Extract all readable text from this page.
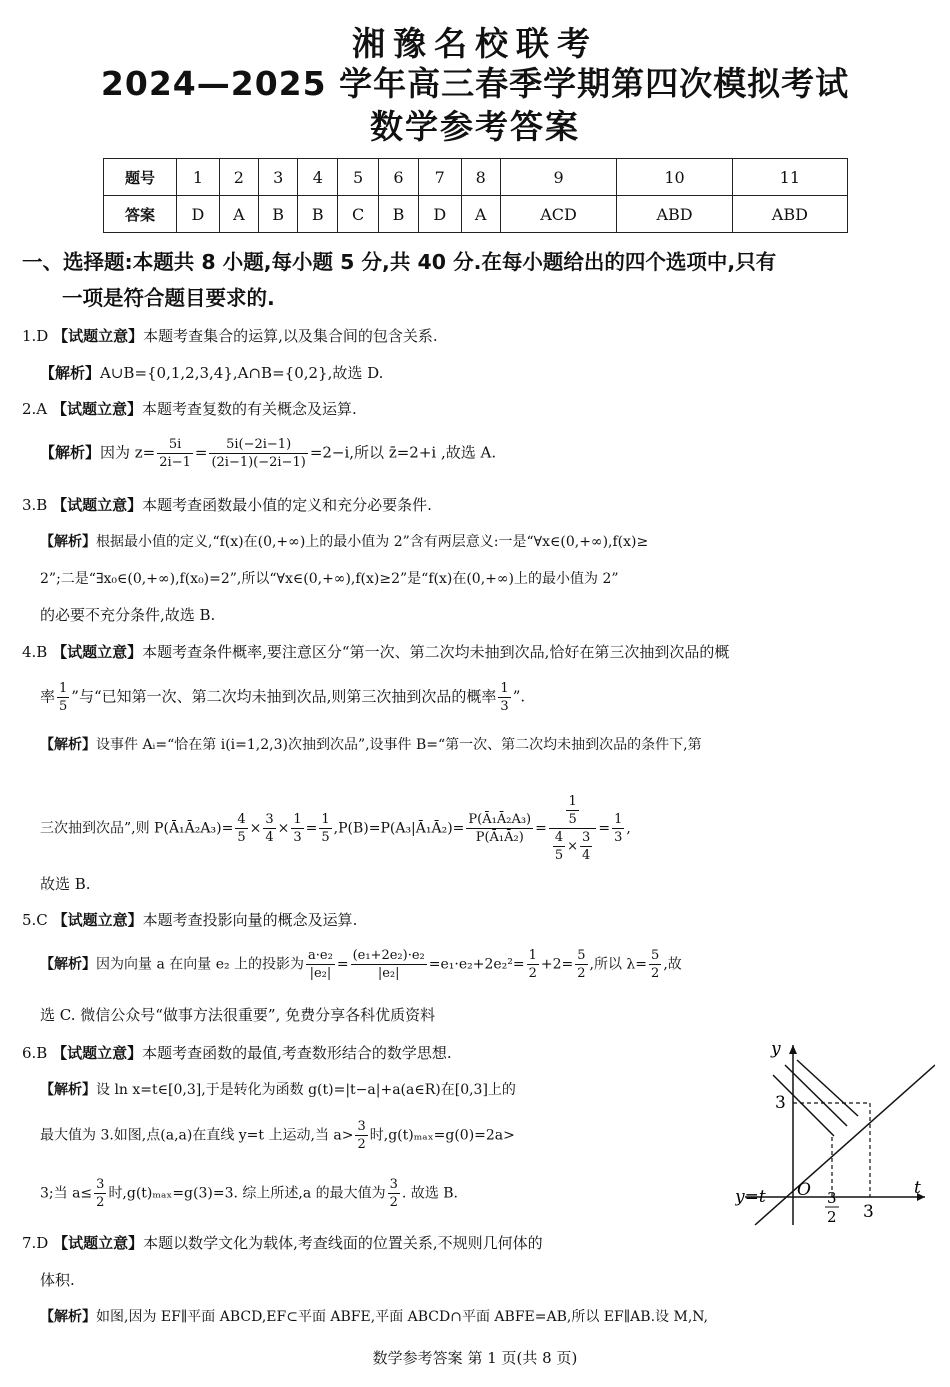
湘豫名校联考
2024—2025 学年高三春季学期第四次模拟考试
数学参考答案
题号	1	2	3	4	5	6	7	8	9	10	11
答案	D	A	B	B	C	B	D	A	ACD	ABD	ABD
一、选择题:本题共 8 小题,每小题 5 分,共 40 分.在每小题给出的四个选项中,只有
一项是符合题目要求的.
1.D 【试题立意】本题考查集合的运算,以及集合间的包含关系.
【解析】A∪B={0,1,2,3,4},A∩B={0,2},故选 D.
2.A 【试题立意】本题考查复数的有关概念及运算.
【解析】因为 $z= \frac{5i}{2i-1} = \frac{5i(-2i-1)}{(2i-1)(-2i-1)} =2-i$,所以 z̄=2+i ,故选 A.
3.B 【试题立意】本题考查函数最小值的定义和充分必要条件.
【解析】根据最小值的定义,“f(x)在(0,+∞)上的最小值为 2”含有两层意义:一是“∀x∈(0,+∞),f(x)≥
2”;二是“∃x₀∈(0,+∞),f(x₀)=2”,所以“∀x∈(0,+∞),f(x)≥2”是“f(x)在(0,+∞)上的最小值为 2”
的必要不充分条件,故选 B.
4.B 【试题立意】本题考查条件概率,要注意区分“第一次、第二次均未抽到次品,恰好在第三次抽到次品的概
率 $\frac{1}{5}$ ”与“已知第一次、第二次均未抽到次品,则第三次抽到次品的概率 $\frac{1}{3}$ ”.
【解析】设事件 Aᵢ=“恰在第 i(i=1,2,3)次抽到次品”,设事件 B=“第一次、第二次均未抽到次品的条件下,第
三次抽到次品”,则 P(Ā₁Ā₂A₃)= $\frac{4}{5} \times \frac{3}{4} \times \frac{1}{3} = \frac{1}{5}$ ,P(B)=P(A₃|Ā₁Ā₂)= $\frac{\text{P(Ā₁Ā₂A₃)}}{\text{P(Ā₁Ā₂)}} = \frac{\frac{1}{5}}{\frac{4}{5} \times \frac{3}{4}} = \frac{1}{3}$ ,
故选 B.
5.C 【试题立意】本题考查投影向量的概念及运算.
【解析】因为向量 a 在向量 e₂ 上的投影为 $\frac{\text{a·e₂}}{\text{|e₂|}} = \frac{\text{(e₁+2e₂)·e₂}}{\text{|e₂|}} =e_1\cdot e_2+2e_2^2= \frac{1}{2} +2= \frac{5}{2}$ ,所以 $\lambda= \frac{5}{2}$ ,故
选 C. 微信公众号“做事方法很重要”, 免费分享各科优质资料
6.B 【试题立意】本题考查函数的最值,考查数形结合的数学思想.
【解析】设 ln x=t∈[0,3],于是转化为函数 g(t)=|t−a|+a(a∈R)在[0,3]上的
最大值为 3.如图,点(a,a)在直线 y=t 上运动,当 $a> \frac{3}{2}$ 时,g(t)ₘₐₓ=g(0)=2a>
3;当 $a\le \frac{3}{2}$ 时,g(t)ₘₐₓ=g(3)=3. 综上所述,a 的最大值为 $\frac{3}{2}$ . 故选 B.
y
t
3
3
O 3
2
y=t
7.D 【试题立意】本题以数学文化为载体,考查线面的位置关系,不规则几何体的
体积.
【解析】如图,因为 EF∥平面 ABCD,EF⊂平面 ABFE,平面 ABCD∩平面 ABFE=AB,所以 EF∥AB.设 M,N,
数学参考答案 第 1 页(共 8 页)
